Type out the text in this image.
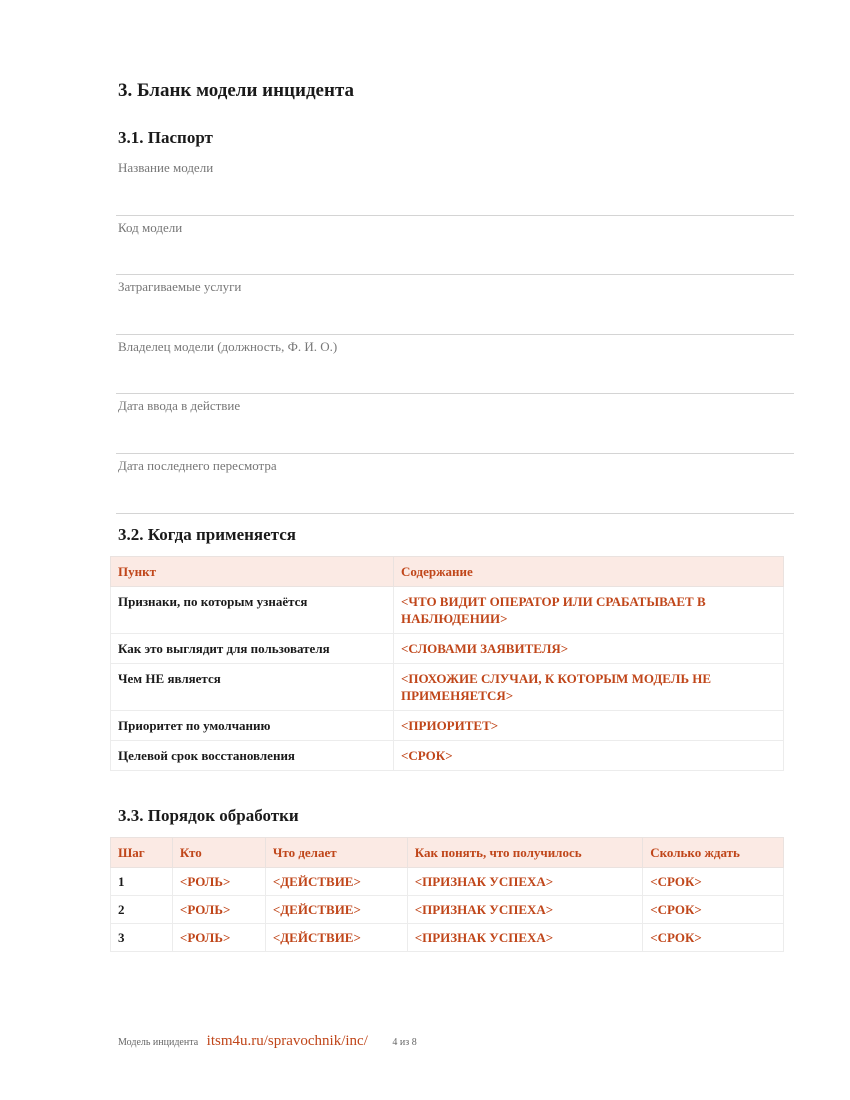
3. Бланк модели инцидента
3.1. Паспорт
Название модели
Код модели
Затрагиваемые услуги
Владелец модели (должность, Ф. И. О.)
Дата ввода в действие
Дата последнего пересмотра
3.2. Когда применяется
Пункт	Содержание
Признаки, по которым узнаётся	<ЧТО ВИДИТ ОПЕРАТОР ИЛИ СРАБАТЫВАЕТ В НАБЛЮДЕНИИ>
Как это выглядит для пользователя	<СЛОВАМИ ЗАЯВИТЕЛЯ>
Чем НЕ является	<ПОХОЖИЕ СЛУЧАИ, К КОТОРЫМ МОДЕЛЬ НЕ ПРИМЕНЯЕТСЯ>
Приоритет по умолчанию	<ПРИОРИТЕТ>
Целевой срок восстановления	<СРОК>
3.3. Порядок обработки
Шаг	Кто	Что делает	Как понять, что получилось	Сколько ждать
1	<РОЛЬ>	<ДЕЙСТВИЕ>	<ПРИЗНАК УСПЕХА>	<СРОК>
2	<РОЛЬ>	<ДЕЙСТВИЕ>	<ПРИЗНАК УСПЕХА>	<СРОК>
3	<РОЛЬ>	<ДЕЙСТВИЕ>	<ПРИЗНАК УСПЕХА>	<СРОК>
Модель инцидента itsm4u.ru/spravochnik/inc/ 4 из 8
